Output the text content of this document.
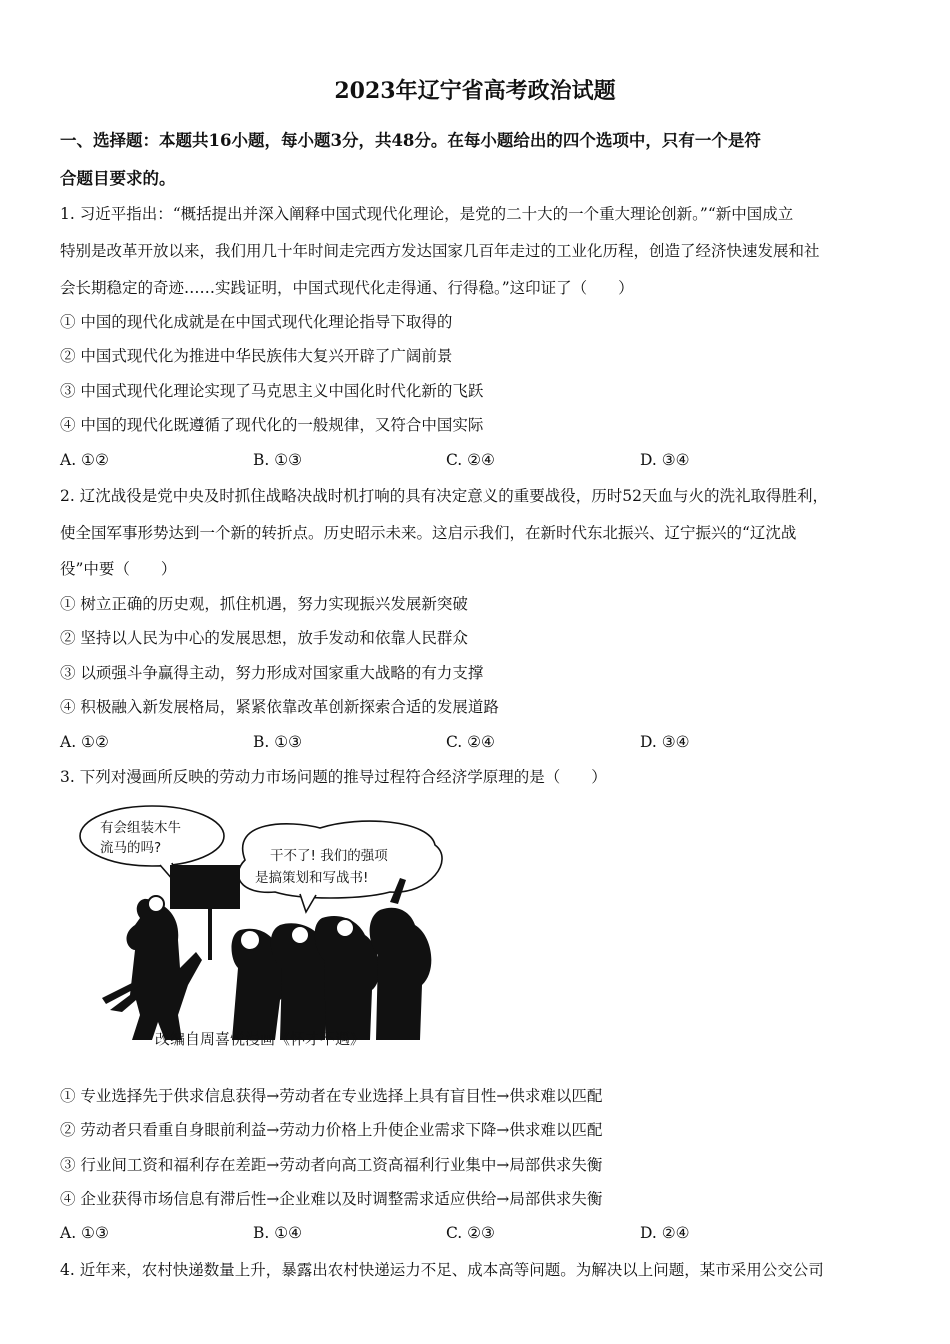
2023年辽宁省高考政治试题
一、选择题：本题共16小题，每小题3分，共48分。在每小题给出的四个选项中，只有一个是符
合题目要求的。
1. 习近平指出：“概括提出并深入阐释中国式现代化理论，是党的二十大的一个重大理论创新。”“新中国成立
特别是改革开放以来，我们用几十年时间走完西方发达国家几百年走过的工业化历程，创造了经济快速发展和社
会长期稳定的奇迹……实践证明，中国式现代化走得通、行得稳。”这印证了（　　）
① 中国的现代化成就是在中国式现代化理论指导下取得的
② 中国式现代化为推进中华民族伟大复兴开辟了广阔前景
③ 中国式现代化理论实现了马克思主义中国化时代化新的飞跃
④ 中国的现代化既遵循了现代化的一般规律，又符合中国实际
A. ①②	B. ①③	C. ②④	D. ③④
2. 辽沈战役是党中央及时抓住战略决战时机打响的具有决定意义的重要战役，历时52天血与火的洗礼取得胜利，
使全国军事形势达到一个新的转折点。历史昭示未来。这启示我们，在新时代东北振兴、辽宁振兴的“辽沈战
役”中要（　　）
① 树立正确的历史观，抓住机遇，努力实现振兴发展新突破
② 坚持以人民为中心的发展思想，放手发动和依靠人民群众
③ 以顽强斗争赢得主动，努力形成对国家重大战略的有力支撑
④ 积极融入新发展格局，紧紧依靠改革创新探索合适的发展道路
A. ①②	B. ①③	C. ②④	D. ③④
3. 下列对漫画所反映的劳动力市场问题的推导过程符合经济学原理的是（　　）
有会组装木牛
流马的吗?	干不了! 我们的强项
是搞策划和写战书!
改编自周喜悦漫画《怀才不遇》
① 专业选择先于供求信息获得→劳动者在专业选择上具有盲目性→供求难以匹配
② 劳动者只看重自身眼前利益→劳动力价格上升使企业需求下降→供求难以匹配
③ 行业间工资和福利存在差距→劳动者向高工资高福利行业集中→局部供求失衡
④ 企业获得市场信息有滞后性→企业难以及时调整需求适应供给→局部供求失衡
A. ①③	B. ①④	C. ②③	D. ②④
4. 近年来，农村快递数量上升，暴露出农村快递运力不足、成本高等问题。为解决以上问题，某市采用公交公司
